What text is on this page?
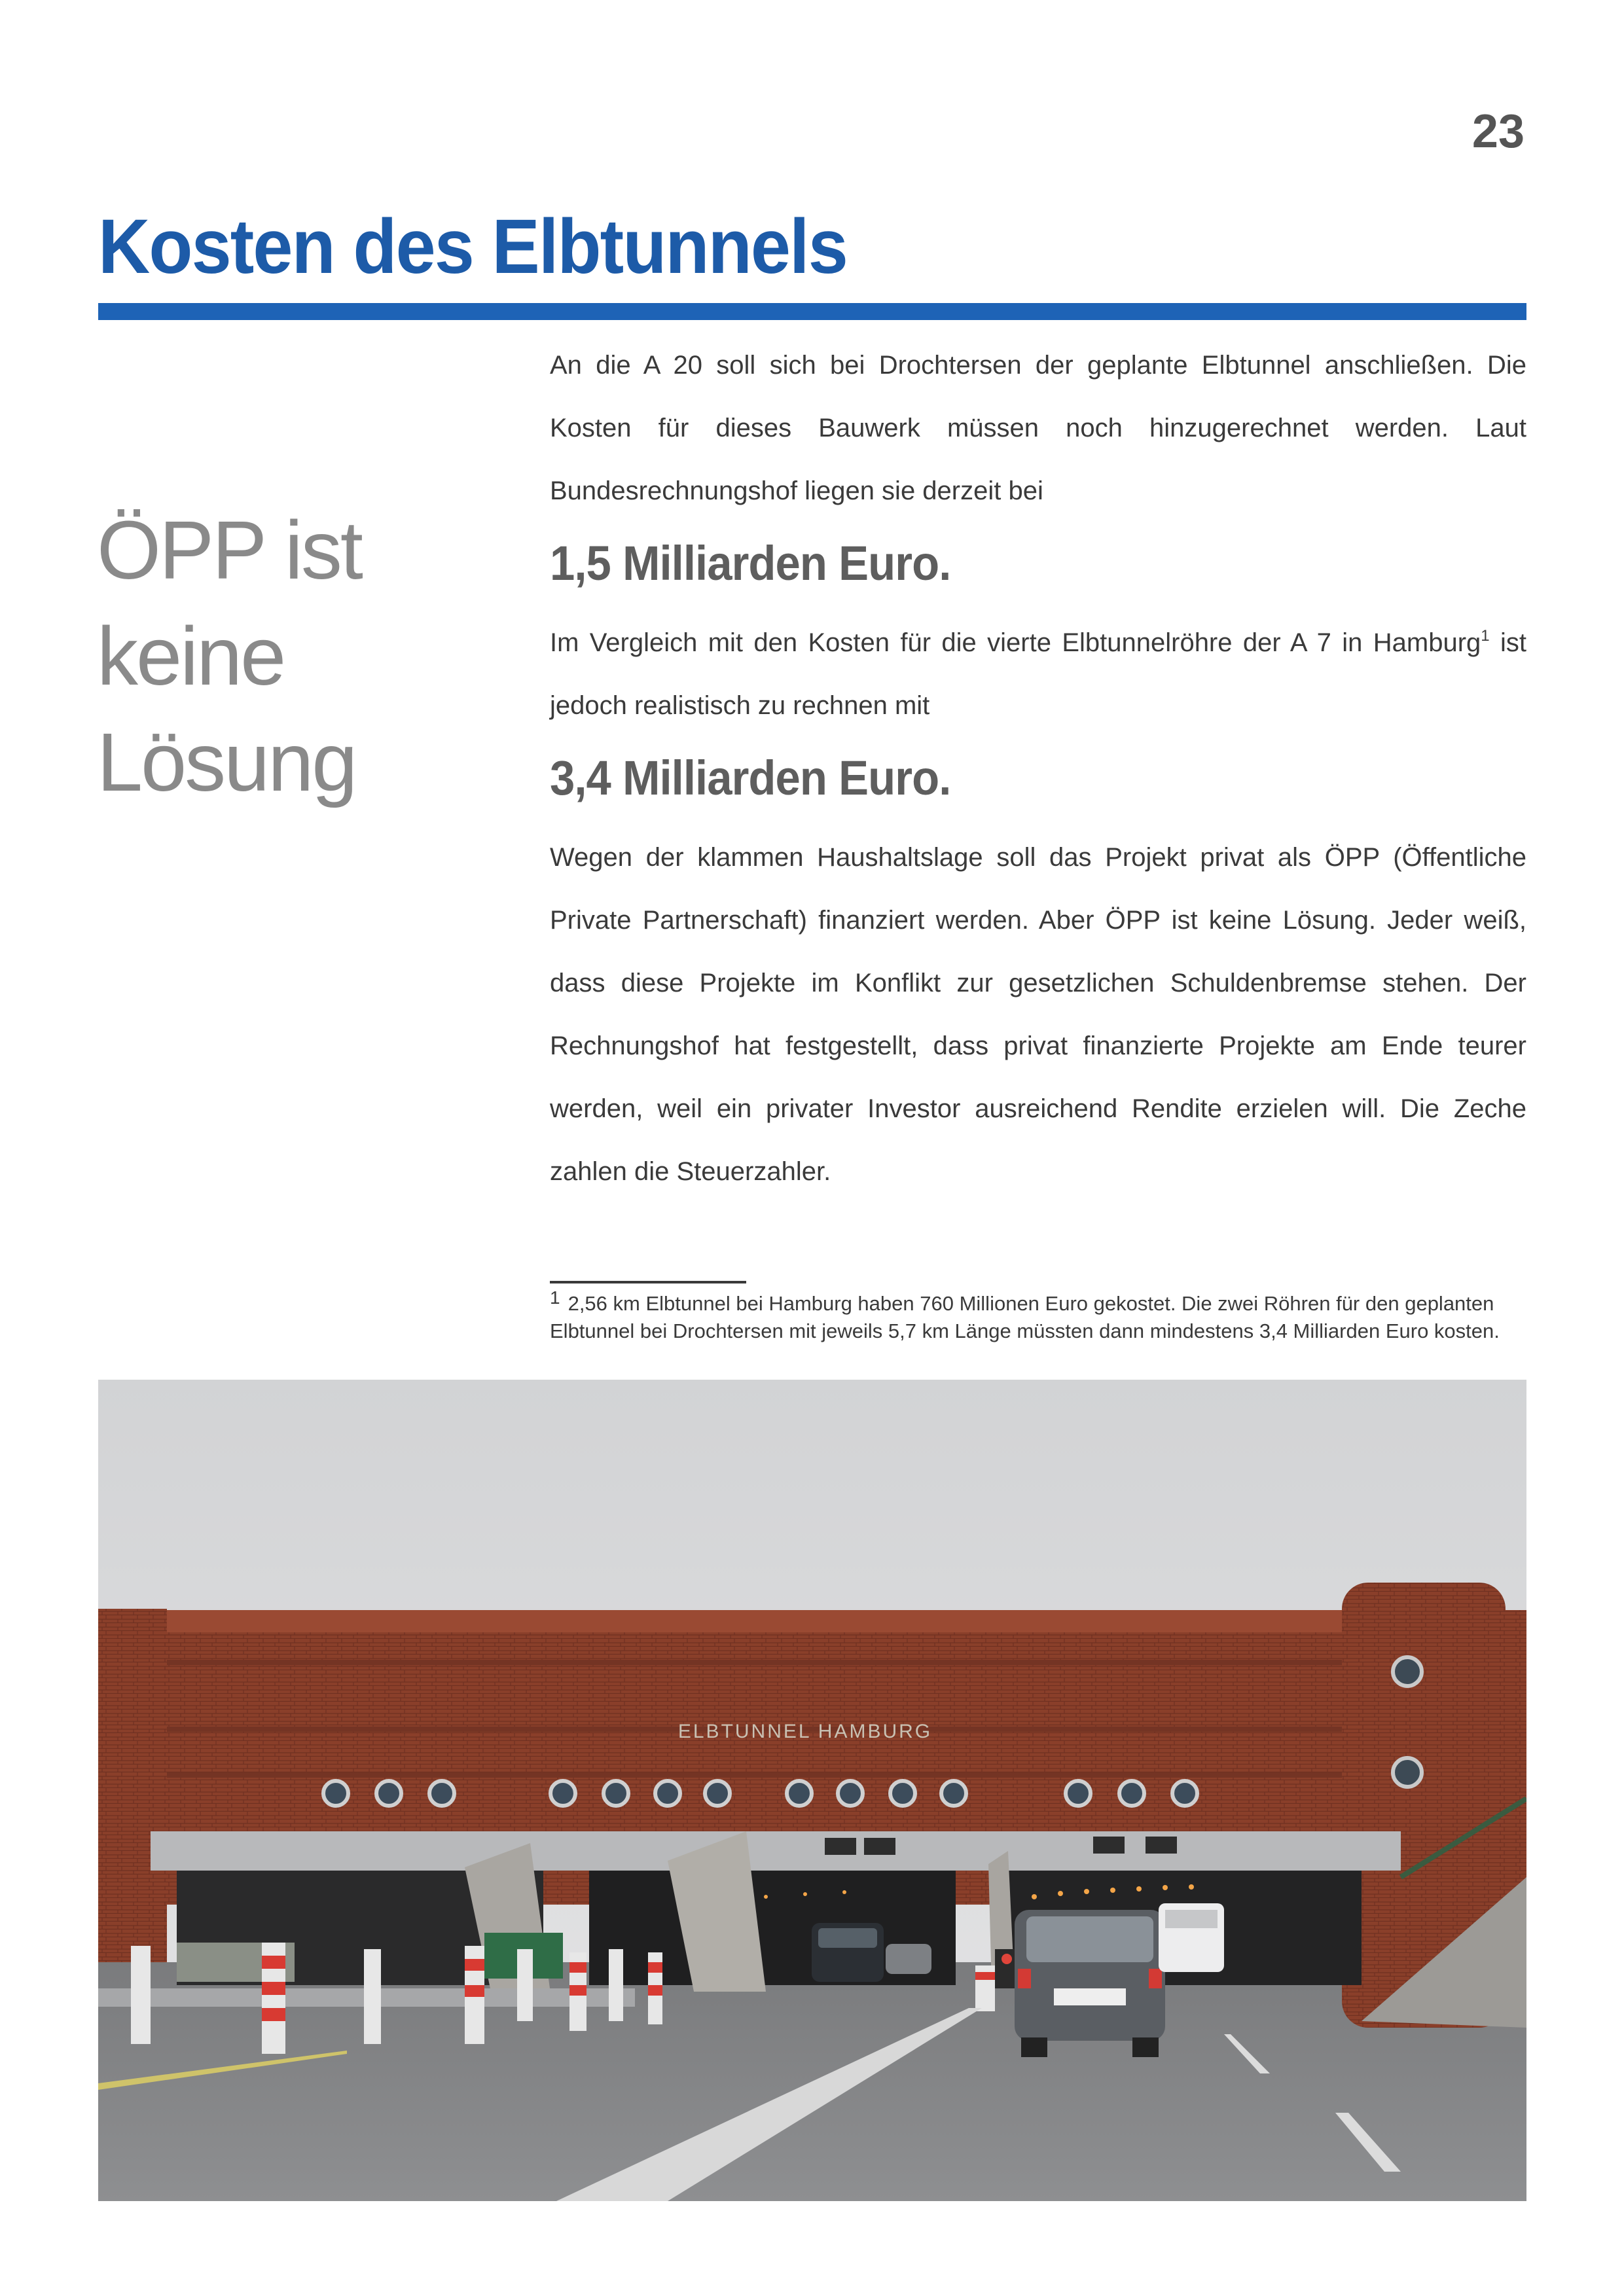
23
Kosten des Elbtunnels
ÖPP ist
keine
Lösung

An die A 20 soll sich bei Drochtersen der geplante Elbtunnel anschließen. Die Kosten für dieses Bauwerk müssen noch hinzugerechnet werden. Laut Bundesrechnungshof liegen sie derzeit bei

1,5 Milliarden Euro.

Im Vergleich mit den Kosten für die vierte Elbtunnelröhre der A 7 in Hamburg$^1$ ist jedoch realistisch zu rechnen mit

3,4 Milliarden Euro.

Wegen der klammen Haushaltslage soll das Projekt privat als ÖPP (Öffentliche Private Partnerschaft) finanziert werden. Aber ÖPP ist keine Lösung. Jeder weiß, dass diese Projekte im Konflikt zur gesetzlichen Schuldenbremse stehen. Der Rechnungshof hat festgestellt, dass privat finanzierte Projekte am Ende teurer werden, weil ein privater Investor ausreichend Rendite erzielen will. Die Zeche zahlen die Steuerzahler.

$^1$ 2,56 km Elbtunnel bei Hamburg haben 760 Millionen Euro gekostet. Die zwei Röhren für den geplanten Elbtunnel bei Drochtersen mit jeweils 5,7 km Länge müssten dann mindestens 3,4 Milliarden Euro kosten.

ELBTUNNEL HAMBURG
